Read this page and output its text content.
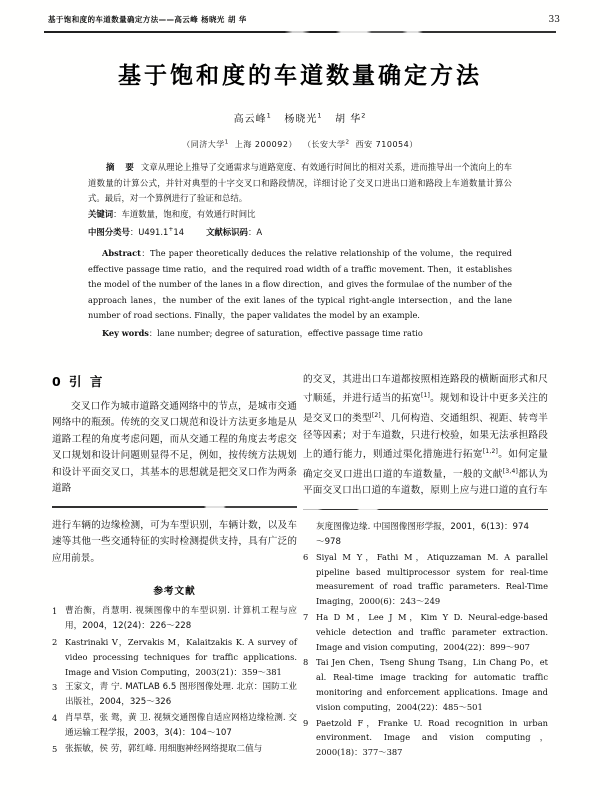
基于饱和度的车道数量确定方法——高云峰 杨晓光 胡 华	33
基于饱和度的车道数量确定方法
高云峰$^1$ 杨晓光$^1$ 胡 华$^2$
（同济大学$^1$ 上海 200092） （长安大学$^2$ 西安 710054）
摘 要 文章从理论上推导了交通需求与道路宽度、有效通行时间比的相对关系，进而推导出一个流向上的车道数量的计算公式，并针对典型的十字交叉口和路段情况，详细讨论了交叉口进出口道和路段上车道数量计算公式。最后，对一个算例进行了验证和总结。
关键词：车道数量，饱和度，有效通行时间比
中图分类号：U491.1+14	文献标识码：A
Abstract：The paper theoretically deduces the relative relationship of the volume，the required effective passage time ratio，and the required road width of a traffic movement. Then，it establishes the model of the number of the lanes in a flow direction，and gives the formulae of the number of the approach lanes，the number of the exit lanes of the typical right-angle intersection，and the lane number of road sections. Finally，the paper validates the model by an example.
Key words：lane number; degree of saturation，effective passage time ratio
0 引 言
交叉口作为城市道路交通网络中的节点，是城市交通网络中的瓶颈。传统的交叉口规范和设计方法更多地是从道路工程的角度考虑问题，而从交通工程的角度去考虑交叉口规划和设计问题则显得不足，例如，按传统方法规划和设计平面交叉口，其基本的思想就是把交叉口作为两条道路
进行车辆的边缘检测，可为车型识别，车辆计数，以及车速等其他一些交通特征的实时检测提供支持，具有广泛的应用前景。
参考文献
1 曹治衡，肖慧明. 视频图像中的车型识别. 计算机工程与应用，2004，12(24)：226～228
2 Kastrinaki V，Zervakis M，Kalaitzakis K. A survey of video processing techniques for traffic applications. Image and Vision Computing，2003(21)：359～381
3 王家文，靑 宁. MATLAB 6.5 图形图像处理. 北京：国防工业出版社，2004，325～326
4 肖旱䓍，张 鸳，黄 卫. 视频交通图像自适应网格边缘检测. 交通运输工程学报，2003，3(4)：104～107
5 张振敏，侯 劳，郭红峰. 用细胞神经网络提取二值与
的交叉，其进出口车道都按照相连路段的横断面形式和尺寸顺延，并进行适当的拓宽[1]。规划和设计中更多关注的是交叉口的类型[2]、几何构造、交通组织、视距、转弯半径等因素；对于车道数，只进行校验，如果无法承担路段上的通行能力，则通过渠化措施进行拓宽[1,2]。如何定量确定交叉口进出口道的车道数量，一般的文献[3,4]都认为平面交叉口出口道的车道数，原则上应与进口道的直行车
灰度图像边缘. 中国图像图形学报，2001，6(13)：974
～978
6 Siyal M Y，Fathi M，Atiquzzaman M. A parallel pipeline based multiprocessor system for real-time measurement of road traffic parameters. Real-Time Imaging，2000(6)：243～249
7 Ha D M，Lee J M，Kim Y D. Neural-edge-based vehicle detection and traffic parameter extraction. Image and vision computing，2004(22)：899～907
8 Tai Jen Chen，Tseng Shung Tsang，Lin Chang Po，et al. Real-time image tracking for automatic traffic monitoring and enforcement applications. Image and vision computing，2004(22)：485～501
9 Paetzold F，Franke U. Road recognition in urban environment. Image and vision computing，2000(18)：377～387
